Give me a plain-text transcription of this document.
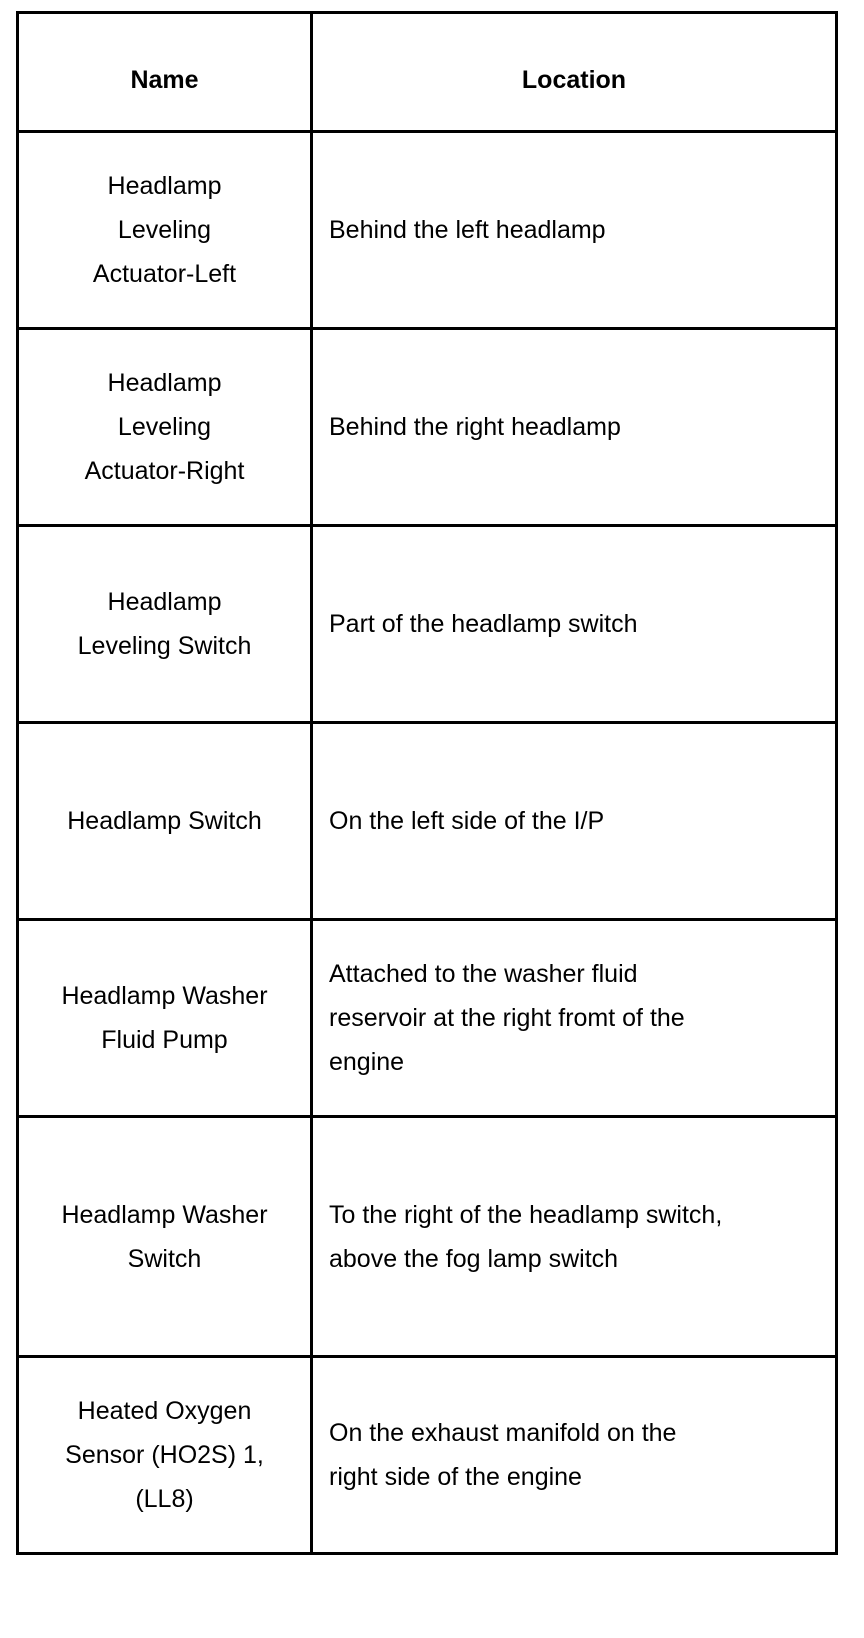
Name	Location

Headlamp
Leveling
Actuator-Left	Behind the left headlamp

Headlamp
Leveling
Actuator-Right	Behind the right headlamp

Headlamp
Leveling Switch	Part of the headlamp switch

Headlamp Switch	On the left side of the I/P

Headlamp Washer
Fluid Pump	Attached to the washer fluid
reservoir at the right fromt of the
engine

Headlamp Washer
Switch	To the right of the headlamp switch,
above the fog lamp switch

Heated Oxygen
Sensor (HO2S) 1,
(LL8)	On the exhaust manifold on the
right side of the engine
